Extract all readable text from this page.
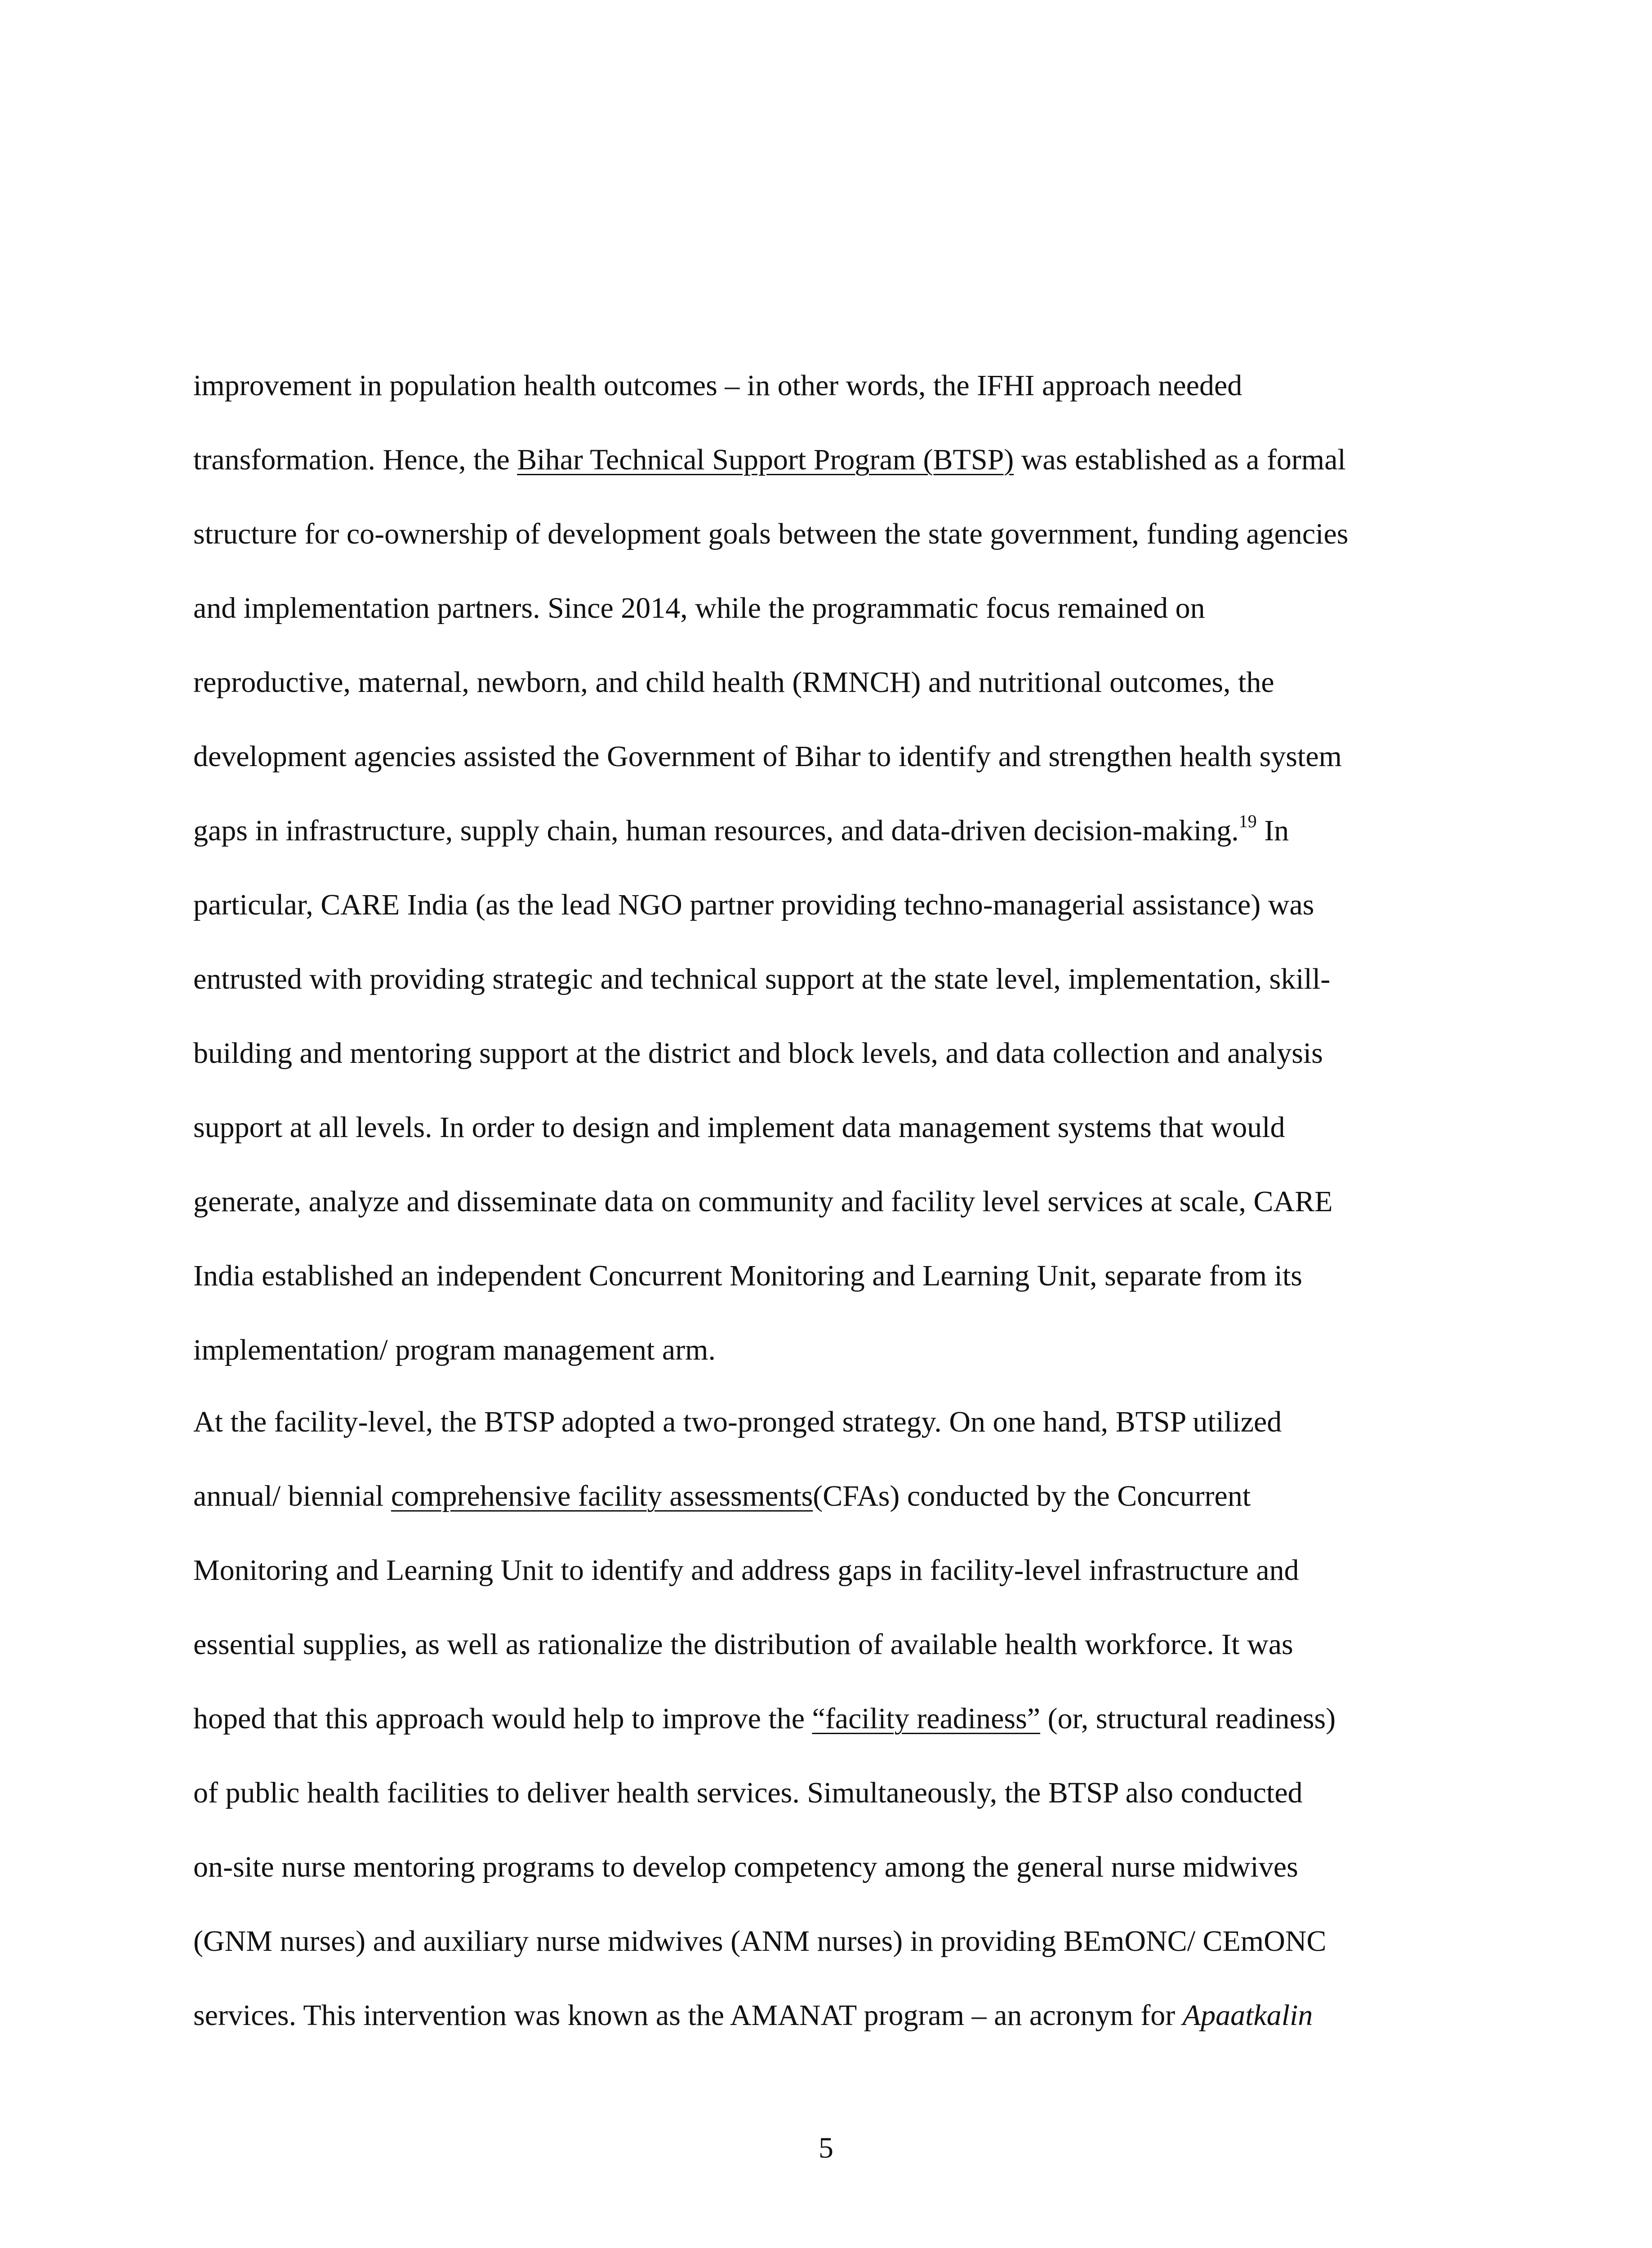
improvement in population health outcomes – in other words, the IFHI approach needed

transformation. Hence, the Bihar Technical Support Program (BTSP) was established as a formal

structure for co-ownership of development goals between the state government, funding agencies

and implementation partners. Since 2014, while the programmatic focus remained on

reproductive, maternal, newborn, and child health (RMNCH) and nutritional outcomes, the

development agencies assisted the Government of Bihar to identify and strengthen health system

gaps in infrastructure, supply chain, human resources, and data-driven decision-making.$^{19}$ In

particular, CARE India (as the lead NGO partner providing techno-managerial assistance) was

entrusted with providing strategic and technical support at the state level, implementation, skill-

building and mentoring support at the district and block levels, and data collection and analysis

support at all levels. In order to design and implement data management systems that would

generate, analyze and disseminate data on community and facility level services at scale, CARE

India established an independent Concurrent Monitoring and Learning Unit, separate from its

implementation/ program management arm.

At the facility-level, the BTSP adopted a two-pronged strategy. On one hand, BTSP utilized

annual/ biennial comprehensive facility assessments(CFAs) conducted by the Concurrent

Monitoring and Learning Unit to identify and address gaps in facility-level infrastructure and

essential supplies, as well as rationalize the distribution of available health workforce. It was

hoped that this approach would help to improve the “facility readiness” (or, structural readiness)

of public health facilities to deliver health services. Simultaneously, the BTSP also conducted

on-site nurse mentoring programs to develop competency among the general nurse midwives

(GNM nurses) and auxiliary nurse midwives (ANM nurses) in providing BEmONC/ CEmONC

services. This intervention was known as the AMANAT program – an acronym for Apaatkalin

5
